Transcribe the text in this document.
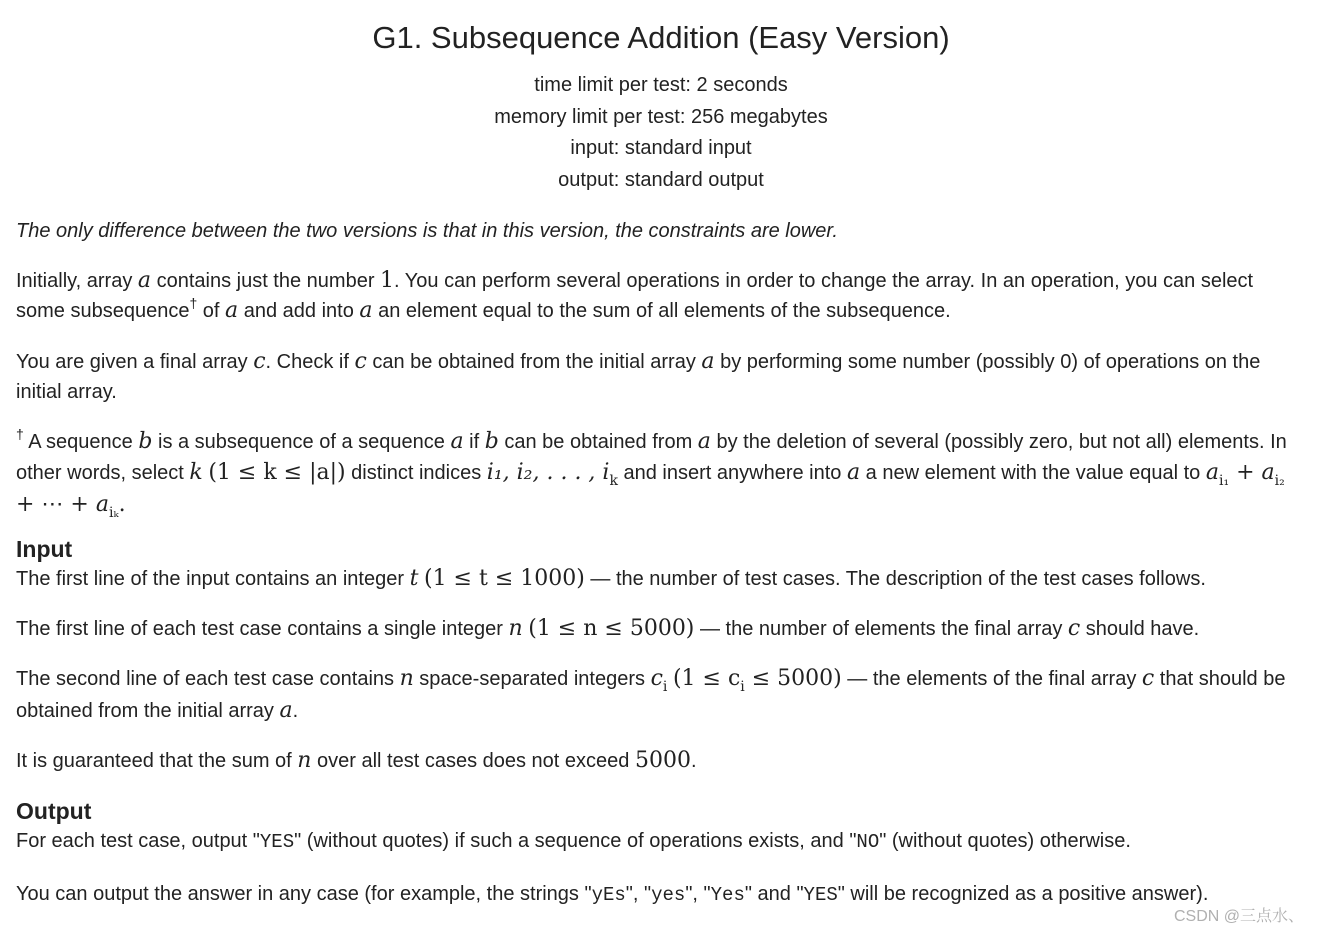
G1. Subsequence Addition (Easy Version)
time limit per test: 2 seconds
memory limit per test: 256 megabytes
input: standard input
output: standard output

The only difference between the two versions is that in this version, the constraints are lower.

Initially, array a contains just the number 1. You can perform several operations in order to change the array. In an operation, you can select some subsequence† of a and add into a an element equal to the sum of all elements of the subsequence.

You are given a final array c. Check if c can be obtained from the initial array a by performing some number (possibly 0) of operations on the initial array.

† A sequence b is a subsequence of a sequence a if b can be obtained from a by the deletion of several (possibly zero, but not all) elements. In other words, select k (1 ≤ k ≤ |a|) distinct indices i₁, i₂, . . . , $i_k$ and insert anywhere into a a new element with the value equal to $a_{i_1} + a_{i_2}$ + ⋯ + $a_{i_k}$.

Input

The first line of the input contains an integer t (1 ≤ t ≤ 1000) — the number of test cases. The description of the test cases follows.

The first line of each test case contains a single integer n (1 ≤ n ≤ 5000) — the number of elements the final array c should have.

The second line of each test case contains n space-separated integers $c_i$ $(1 \le c_i \le 5000)$ — the elements of the final array c that should be obtained from the initial array a.

It is guaranteed that the sum of n over all test cases does not exceed 5000.

Output

For each test case, output "YES" (without quotes) if such a sequence of operations exists, and "NO" (without quotes) otherwise.

You can output the answer in any case (for example, the strings "yEs", "yes", "Yes" and "YES" will be recognized as a positive answer).

CSDN @三点水、
